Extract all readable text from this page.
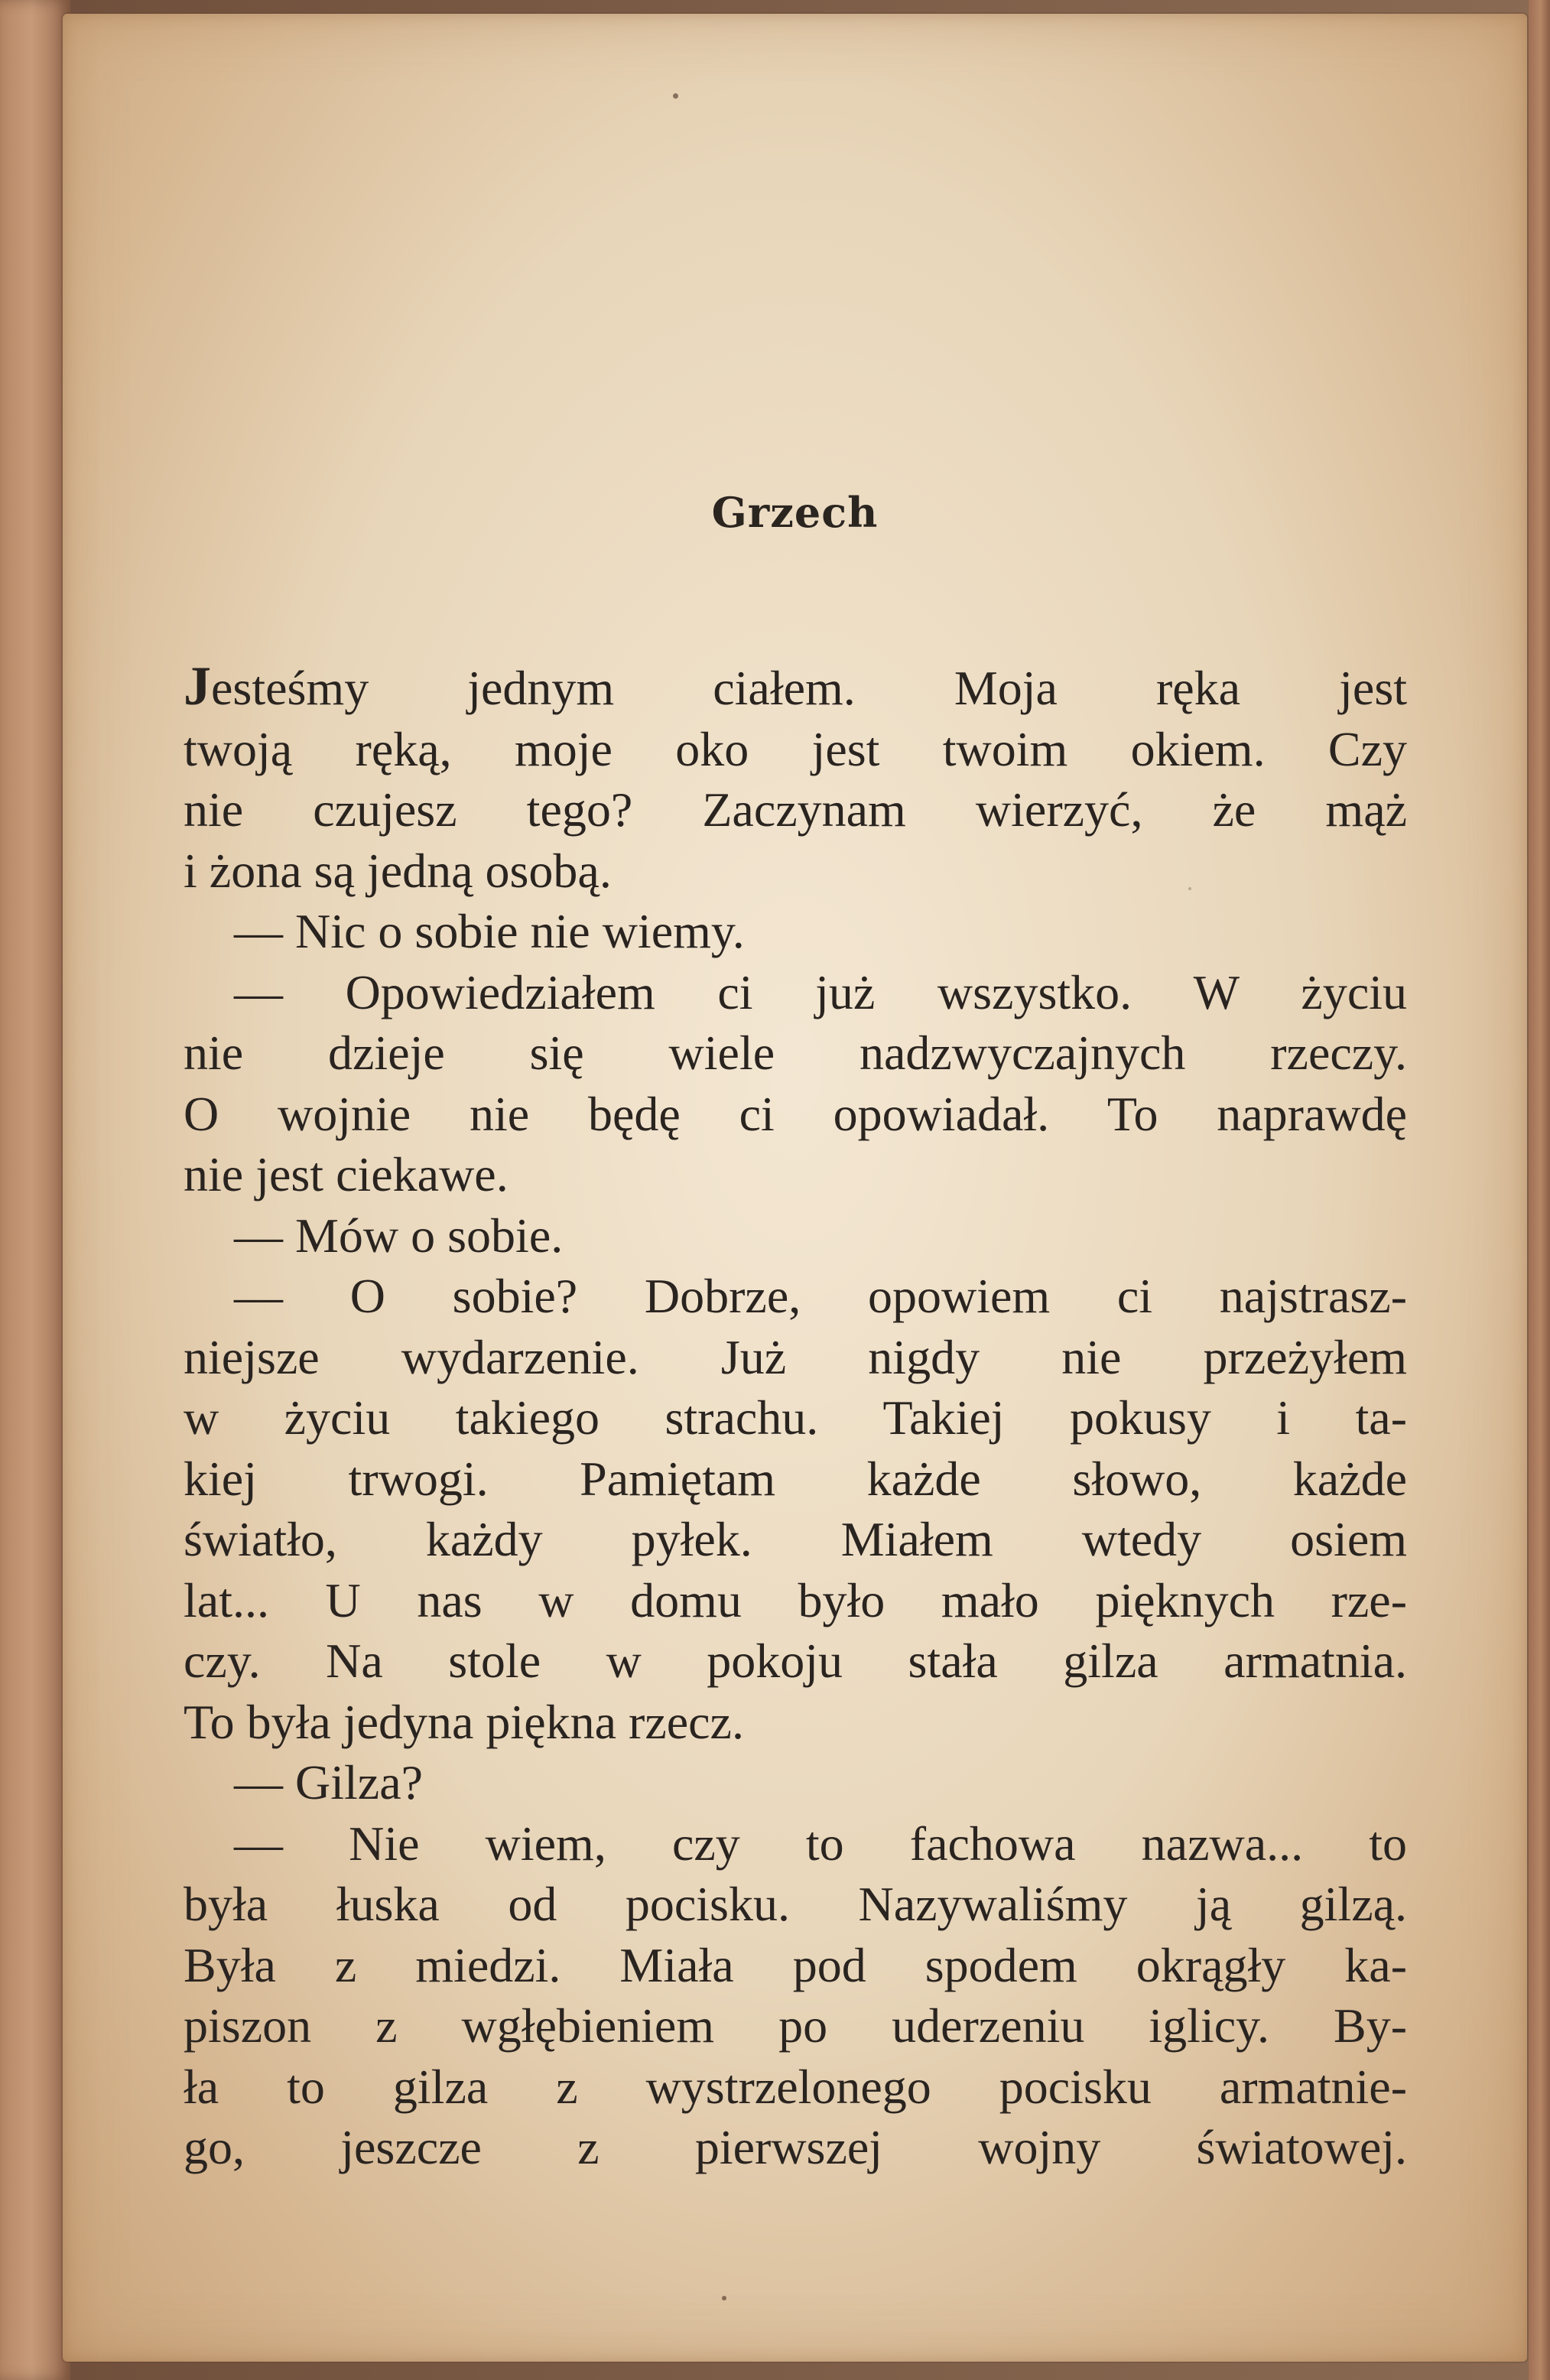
Grzech
Jesteśmy jednym ciałem. Moja ręka jest
twoją ręką, moje oko jest twoim okiem. Czy
nie czujesz tego? Zaczynam wierzyć, że mąż
i żona są jedną osobą.
— Nic o sobie nie wiemy.
— Opowiedziałem ci już wszystko. W życiu
nie dzieje się wiele nadzwyczajnych rzeczy.
O wojnie nie będę ci opowiadał. To naprawdę
nie jest ciekawe.
— Mów o sobie.
— O sobie? Dobrze, opowiem ci najstrasz-
niejsze wydarzenie. Już nigdy nie przeżyłem
w życiu takiego strachu. Takiej pokusy i ta-
kiej trwogi. Pamiętam każde słowo, każde
światło, każdy pyłek. Miałem wtedy osiem
lat... U nas w domu było mało pięknych rze-
czy. Na stole w pokoju stała gilza armatnia.
To była jedyna piękna rzecz.
— Gilza?
— Nie wiem, czy to fachowa nazwa... to
była łuska od pocisku. Nazywaliśmy ją gilzą.
Była z miedzi. Miała pod spodem okrągły ka-
piszon z wgłębieniem po uderzeniu iglicy. By-
ła to gilza z wystrzelonego pocisku armatnie-
go, jeszcze z pierwszej wojny światowej.
